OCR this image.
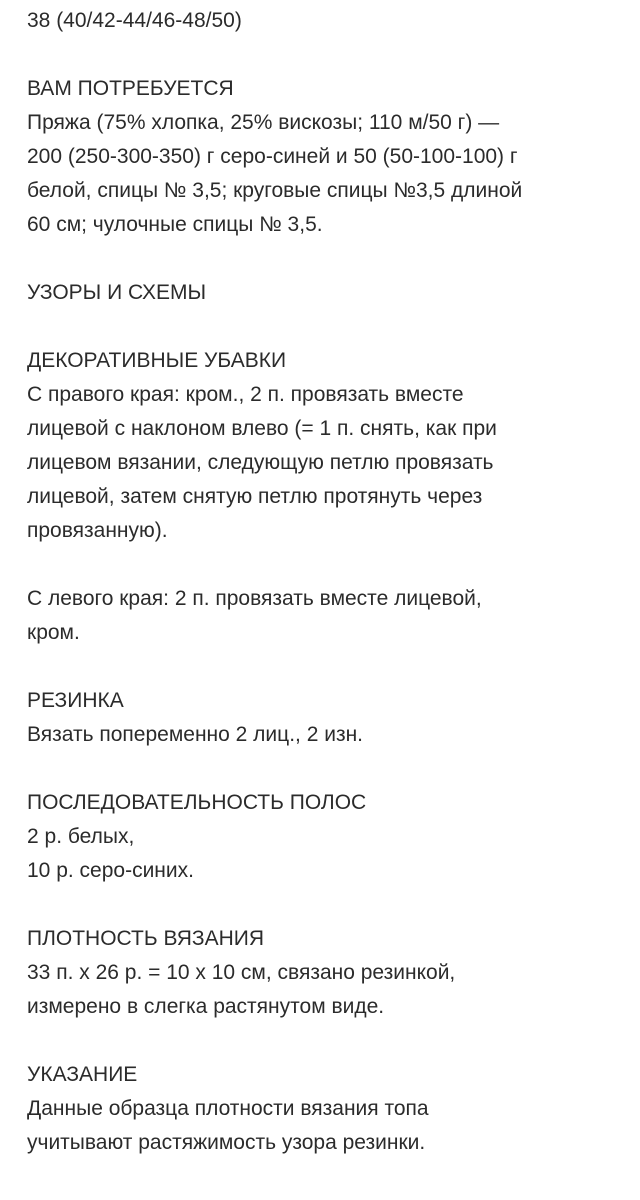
38 (40/42-44/46-48/50)
ВАМ ПОТРЕБУЕТСЯ
Пряжа (75% хлопка, 25% вискозы; 110 м/50 г) —
200 (250-300-350) г серо-синей и 50 (50-100-100) г
белой, спицы № 3,5; круговые спицы №3,5 длиной
60 см; чулочные спицы № 3,5.
УЗОРЫ И СХЕМЫ
ДЕКОРАТИВНЫЕ УБАВКИ
С правого края: кром., 2 п. провязать вместе
лицевой с наклоном влево (= 1 п. снять, как при
лицевом вязании, следующую петлю провязать
лицевой, затем снятую петлю протянуть через
провязанную).
С левого края: 2 п. провязать вместе лицевой,
кром.
РЕЗИНКА
Вязать попеременно 2 лиц., 2 изн.
ПОСЛЕДОВАТЕЛЬНОСТЬ ПОЛОС
2 р. белых,
10 р. серо-синих.
ПЛОТНОСТЬ ВЯЗАНИЯ
33 п. х 26 р. = 10 х 10 см, связано резинкой,
измерено в слегка растянутом виде.
УКАЗАНИЕ
Данные образца плотности вязания топа
учитывают растяжимость узора резинки.
